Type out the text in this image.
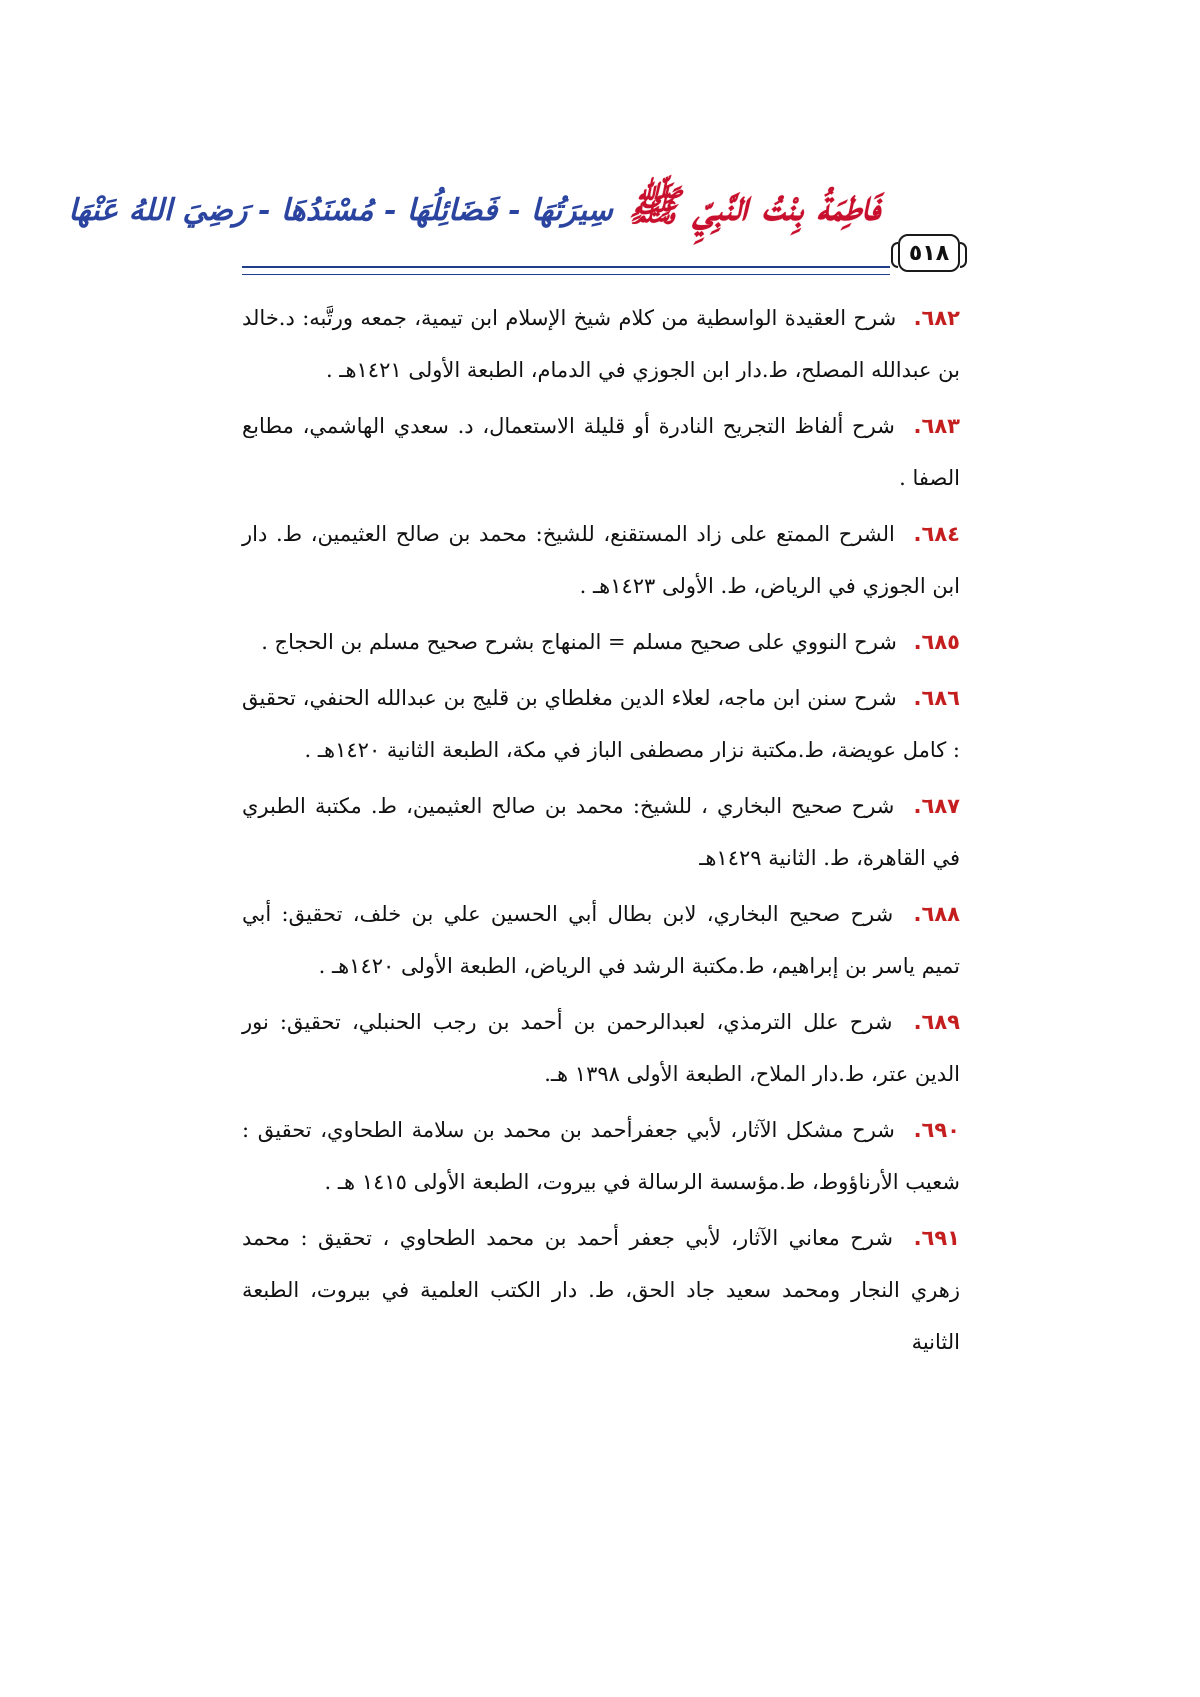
٥١٨
فَاطِمَةُ بِنْتُ النَّبِيِّ ﷺ سِيرَتُهَا - فَضَائِلُهَا - مُسْنَدُهَا - رَضِيَ اللهُ عَنْهَا

٦٨٢. شرح العقيدة الواسطية من كلام شيخ الإسلام ابن تيمية، جمعه ورتَّبه: د.خالد بن عبدالله المصلح، ط.دار ابن الجوزي في الدمام، الطبعة الأولى ١٤٢١هـ .

٦٨٣. شرح ألفاظ التجريح النادرة أو قليلة الاستعمال، د. سعدي الهاشمي، مطابع الصفا .

٦٨٤. الشرح الممتع على زاد المستقنع، للشيخ: محمد بن صالح العثيمين، ط. دار ابن الجوزي في الرياض، ط. الأولى ١٤٢٣هـ .

٦٨٥. شرح النووي على صحيح مسلم = المنهاج بشرح صحيح مسلم بن الحجاج .

٦٨٦. شرح سنن ابن ماجه، لعلاء الدين مغلطاي بن قليج بن عبدالله الحنفي، تحقيق : كامل عويضة، ط.مكتبة نزار مصطفى الباز في مكة، الطبعة الثانية ١٤٢٠هـ .

٦٨٧. شرح صحيح البخاري ، للشيخ: محمد بن صالح العثيمين، ط. مكتبة الطبري في القاهرة، ط. الثانية ١٤٢٩هـ

٦٨٨. شرح صحيح البخاري، لابن بطال أبي الحسين علي بن خلف، تحقيق: أبي تميم ياسر بن إبراهيم، ط.مكتبة الرشد في الرياض، الطبعة الأولى ١٤٢٠هـ .

٦٨٩. شرح علل الترمذي، لعبدالرحمن بن أحمد بن رجب الحنبلي، تحقيق: نور الدين عتر، ط.دار الملاح، الطبعة الأولى ١٣٩٨ هـ.

٦٩٠. شرح مشكل الآثار، لأبي جعفرأحمد بن محمد بن سلامة الطحاوي، تحقيق : شعيب الأرناؤوط، ط.مؤسسة الرسالة في بيروت، الطبعة الأولى ١٤١٥ هـ .

٦٩١. شرح معاني الآثار، لأبي جعفر أحمد بن محمد الطحاوي ، تحقيق : محمد زهري النجار ومحمد سعيد جاد الحق، ط. دار الكتب العلمية في بيروت، الطبعة الثانية
